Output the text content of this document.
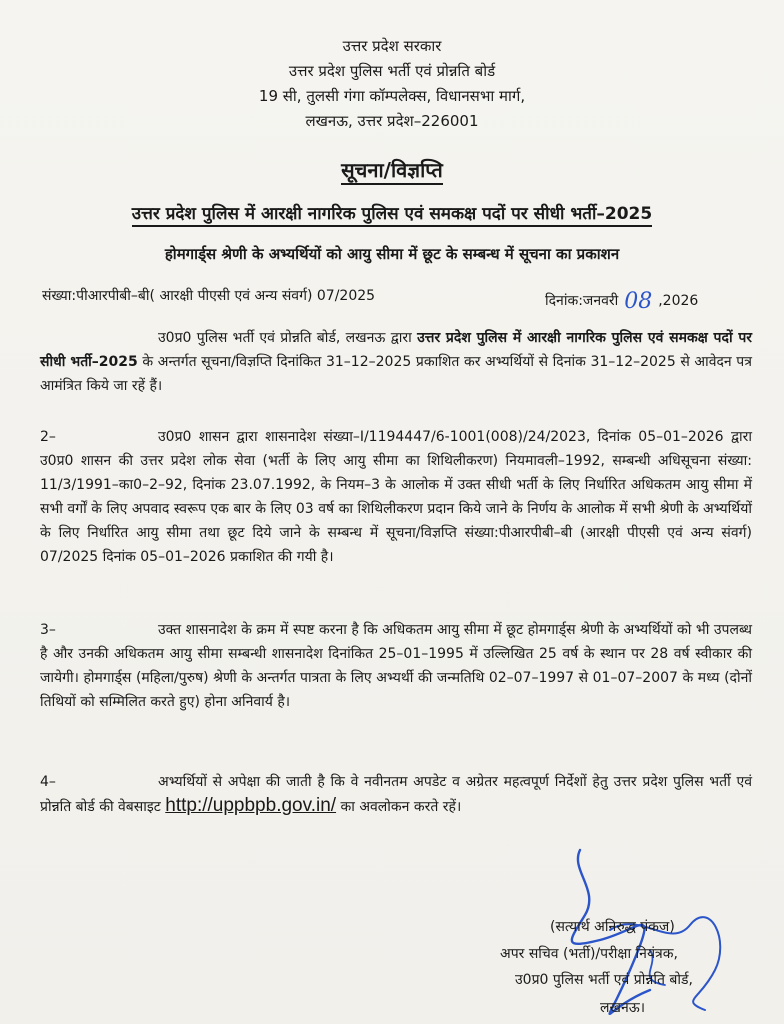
उत्तर प्रदेश सरकार
उत्तर प्रदेश पुलिस भर्ती एवं प्रोन्नति बोर्ड
19 सी, तुलसी गंगा कॉम्पलेक्स, विधानसभा मार्ग,
लखनऊ, उत्तर प्रदेश–226001
सूचना/विज्ञप्ति
उत्तर प्रदेश पुलिस में आरक्षी नागरिक पुलिस एवं समकक्ष पदों पर सीधी भर्ती–2025
होमगार्ड्स श्रेणी के अभ्यर्थियों को आयु सीमा में छूट के सम्बन्ध में सूचना का प्रकाशन
संख्या:पीआरपीबी–बी( आरक्षी पीएसी एवं अन्य संवर्ग) 07/2025	दिनांक:जनवरी 08 ,2026
उ0प्र0 पुलिस भर्ती एवं प्रोन्नति बोर्ड, लखनऊ द्वारा उत्तर प्रदेश पुलिस में आरक्षी नागरिक पुलिस एवं समकक्ष पदों पर सीधी भर्ती–2025 के अन्तर्गत सूचना/विज्ञप्ति दिनांकित 31–12–2025 प्रकाशित कर अभ्यर्थियों से दिनांक 31–12–2025 से आवेदन पत्र आमंत्रित किये जा रहें हैं।
2–	उ0प्र0 शासन द्वारा शासनादेश संख्या–I/1194447/6-1001(008)/24/2023, दिनांक 05–01–2026 द्वारा उ0प्र0 शासन की उत्तर प्रदेश लोक सेवा (भर्ती के लिए आयु सीमा का शिथिलीकरण) नियमावली–1992, सम्बन्धी अधिसूचना संख्या: 11/3/1991–का0–2–92, दिनांक 23.07.1992, के नियम–3 के आलोक में उक्त सीधी भर्ती के लिए निर्धारित अधिकतम आयु सीमा में सभी वर्गों के लिए अपवाद स्वरूप एक बार के लिए 03 वर्ष का शिथिलीकरण प्रदान किये जाने के निर्णय के आलोक में सभी श्रेणी के अभ्यर्थियों के लिए निर्धारित आयु सीमा तथा छूट दिये जाने के सम्बन्ध में सूचना/विज्ञप्ति संख्या:पीआरपीबी–बी (आरक्षी पीएसी एवं अन्य संवर्ग) 07/2025 दिनांक 05–01–2026 प्रकाशित की गयी है।
3–	उक्त शासनादेश के क्रम में स्पष्ट करना है कि अधिकतम आयु सीमा में छूट होमगार्ड्स श्रेणी के अभ्यर्थियों को भी उपलब्ध है और उनकी अधिकतम आयु सीमा सम्बन्धी शासनादेश दिनांकित 25–01–1995 में उल्लिखित 25 वर्ष के स्थान पर 28 वर्ष स्वीकार की जायेगी। होमगार्ड्स (महिला/पुरुष) श्रेणी के अन्तर्गत पात्रता के लिए अभ्यर्थी की जन्मतिथि 02–07–1997 से 01–07–2007 के मध्य (दोनों तिथियों को सम्मिलित करते हुए) होना अनिवार्य है।
4–	अभ्यर्थियों से अपेक्षा की जाती है कि वे नवीनतम अपडेट व अग्रेतर महत्वपूर्ण निर्देशों हेतु उत्तर प्रदेश पुलिस भर्ती एवं प्रोन्नति बोर्ड की वेबसाइट http://uppbpb.gov.in/ का अवलोकन करते रहें।
(सत्यार्थ अनिरुद्ध पंकज)
अपर सचिव (भर्ती)/परीक्षा नियंत्रक,
उ0प्र0 पुलिस भर्ती एवं प्रोन्नति बोर्ड,
लखनऊ।
